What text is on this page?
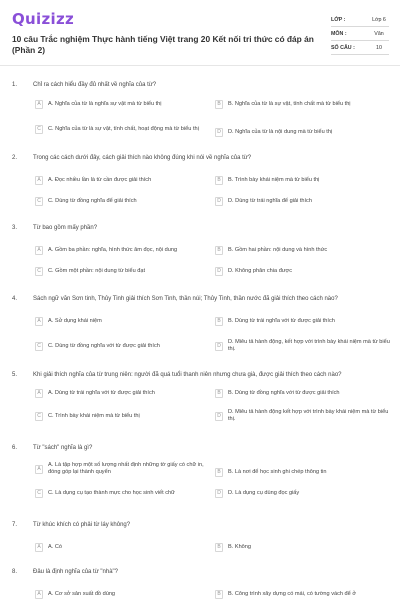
Quizizz
10 câu Trắc nghiệm Thực hành tiếng Việt trang 20 Kết nối tri thức có đáp án (Phần 2)
LỚP :	Lớp 6
MÔN :	Văn
SỐ CÂU :	10
1.	Chỉ ra cách hiểu đầy đủ nhất về nghĩa của từ?
A	A. Nghĩa của từ là nghĩa sự vật mà từ biểu thị	B	B. Nghĩa của từ là sự vật, tính chất mà từ biểu thị
C	C. Nghĩa của từ là sự vật, tính chất, hoạt động mà từ biểu thị	D	D. Nghĩa của từ là nội dung mà từ biểu thị
2.	Trong các cách dưới đây, cách giải thích nào không đúng khi nói về nghĩa của từ?
A	A. Đọc nhiều lần là từ cần được giải thích	B	B. Trình bày khái niệm mà từ biểu thị
C	C. Dùng từ đồng nghĩa để giải thích	D	D. Dùng từ trái nghĩa để giải thích
3.	Từ bao gồm mấy phần?
A	A. Gồm ba phần: nghĩa, hình thức âm đọc, nội dung	B	B. Gồm hai phần: nội dung và hình thức
C	C. Gồm một phần: nội dung từ biểu đạt	D	D. Không phân chia được
4.	Sách ngữ văn Sơn tinh, Thủy Tinh giải thích Sơn Tinh, thần núi; Thủy Tinh, thần nước đã giải thích theo cách nào?
A	A. Sử dụng khái niệm	B	B. Dùng từ trái nghĩa với từ được giải thích
C	C. Dùng từ đồng nghĩa với từ được giải thích	D
D. Miêu tả hành động, kết hợp với trình bày khái niệm mà từ biểu thị.
5.	Khi giải thích nghĩa của từ trung niên: người đã quá tuổi thanh niên nhưng chưa già, được giải thích theo cách nào?
A	A. Dùng từ trái nghĩa với từ được giải thích	B	B. Dùng từ đồng nghĩa với từ được giải thích
C	C. Trình bày khái niệm mà từ biểu thị	D
D. Miêu tả hành động kết hợp với trình bày khái niệm mà từ biểu thị.
6.	Từ "sách" nghĩa là gì?
A
A. Là tập hợp một số lượng nhất định những tờ giấy có chữ in, đóng góp lại thành quyển	B	B. Là nơi để học sinh ghi chép thông tin
C	C. Là dụng cụ tạo thành mực cho học sinh viết chữ	D	D. Là dụng cụ dùng đọc giấy
7.	Từ khúc khích có phải từ láy không?
A	A. Có	B	B. Không
8.	Đâu là định nghĩa của từ "nhà"?
A	A. Cơ sở sản xuất đồ dùng	B	B. Công trình xây dựng có mái, có tường vách để ở
